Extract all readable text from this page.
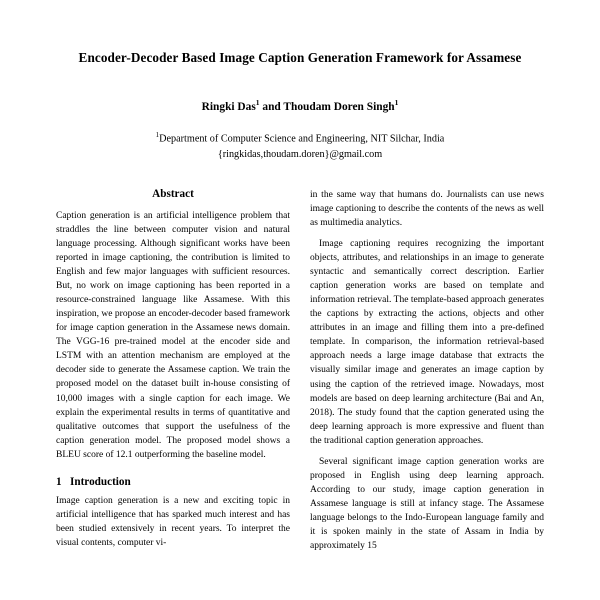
Encoder-Decoder Based Image Caption Generation Framework for Assamese
Ringki Das$^1$ and Thoudam Doren Singh$^1$
$^1$Department of Computer Science and Engineering, NIT Silchar, India
{ringkidas,thoudam.doren}@gmail.com
Abstract

Caption generation is an artificial intelligence problem that straddles the line between computer vision and natural language processing. Although significant works have been reported in image captioning, the contribution is limited to English and few major languages with sufficient resources. But, no work on image captioning has been reported in a resource-constrained language like Assamese. With this inspiration, we propose an encoder-decoder based framework for image caption generation in the Assamese news domain. The VGG-16 pre-trained model at the encoder side and LSTM with an attention mechanism are employed at the decoder side to generate the Assamese caption. We train the proposed model on the dataset built in-house consisting of 10,000 images with a single caption for each image. We explain the experimental results in terms of quantitative and qualitative outcomes that support the usefulness of the caption generation model. The proposed model shows a BLEU score of 12.1 outperforming the baseline model.

1 Introduction

Image caption generation is a new and exciting topic in artificial intelligence that has sparked much interest and has been studied extensively in recent years. To interpret the visual contents, computer vi-

in the same way that humans do. Journalists can use news image captioning to describe the contents of the news as well as multimedia analytics.

Image captioning requires recognizing the important objects, attributes, and relationships in an image to generate syntactic and semantically correct description. Earlier caption generation works are based on template and information retrieval. The template-based approach generates the captions by extracting the actions, objects and other attributes in an image and filling them into a pre-defined template. In comparison, the information retrieval-based approach needs a large image database that extracts the visually similar image and generates an image caption by using the caption of the retrieved image. Nowadays, most models are based on deep learning architecture (Bai and An, 2018). The study found that the caption generated using the deep learning approach is more expressive and fluent than the traditional caption generation approaches.

Several significant image caption generation works are proposed in English using deep learning approach. According to our study, image caption generation in Assamese language is still at infancy stage. The Assamese language belongs to the Indo-European language family and it is spoken mainly in the state of Assam in India by approximately 15
